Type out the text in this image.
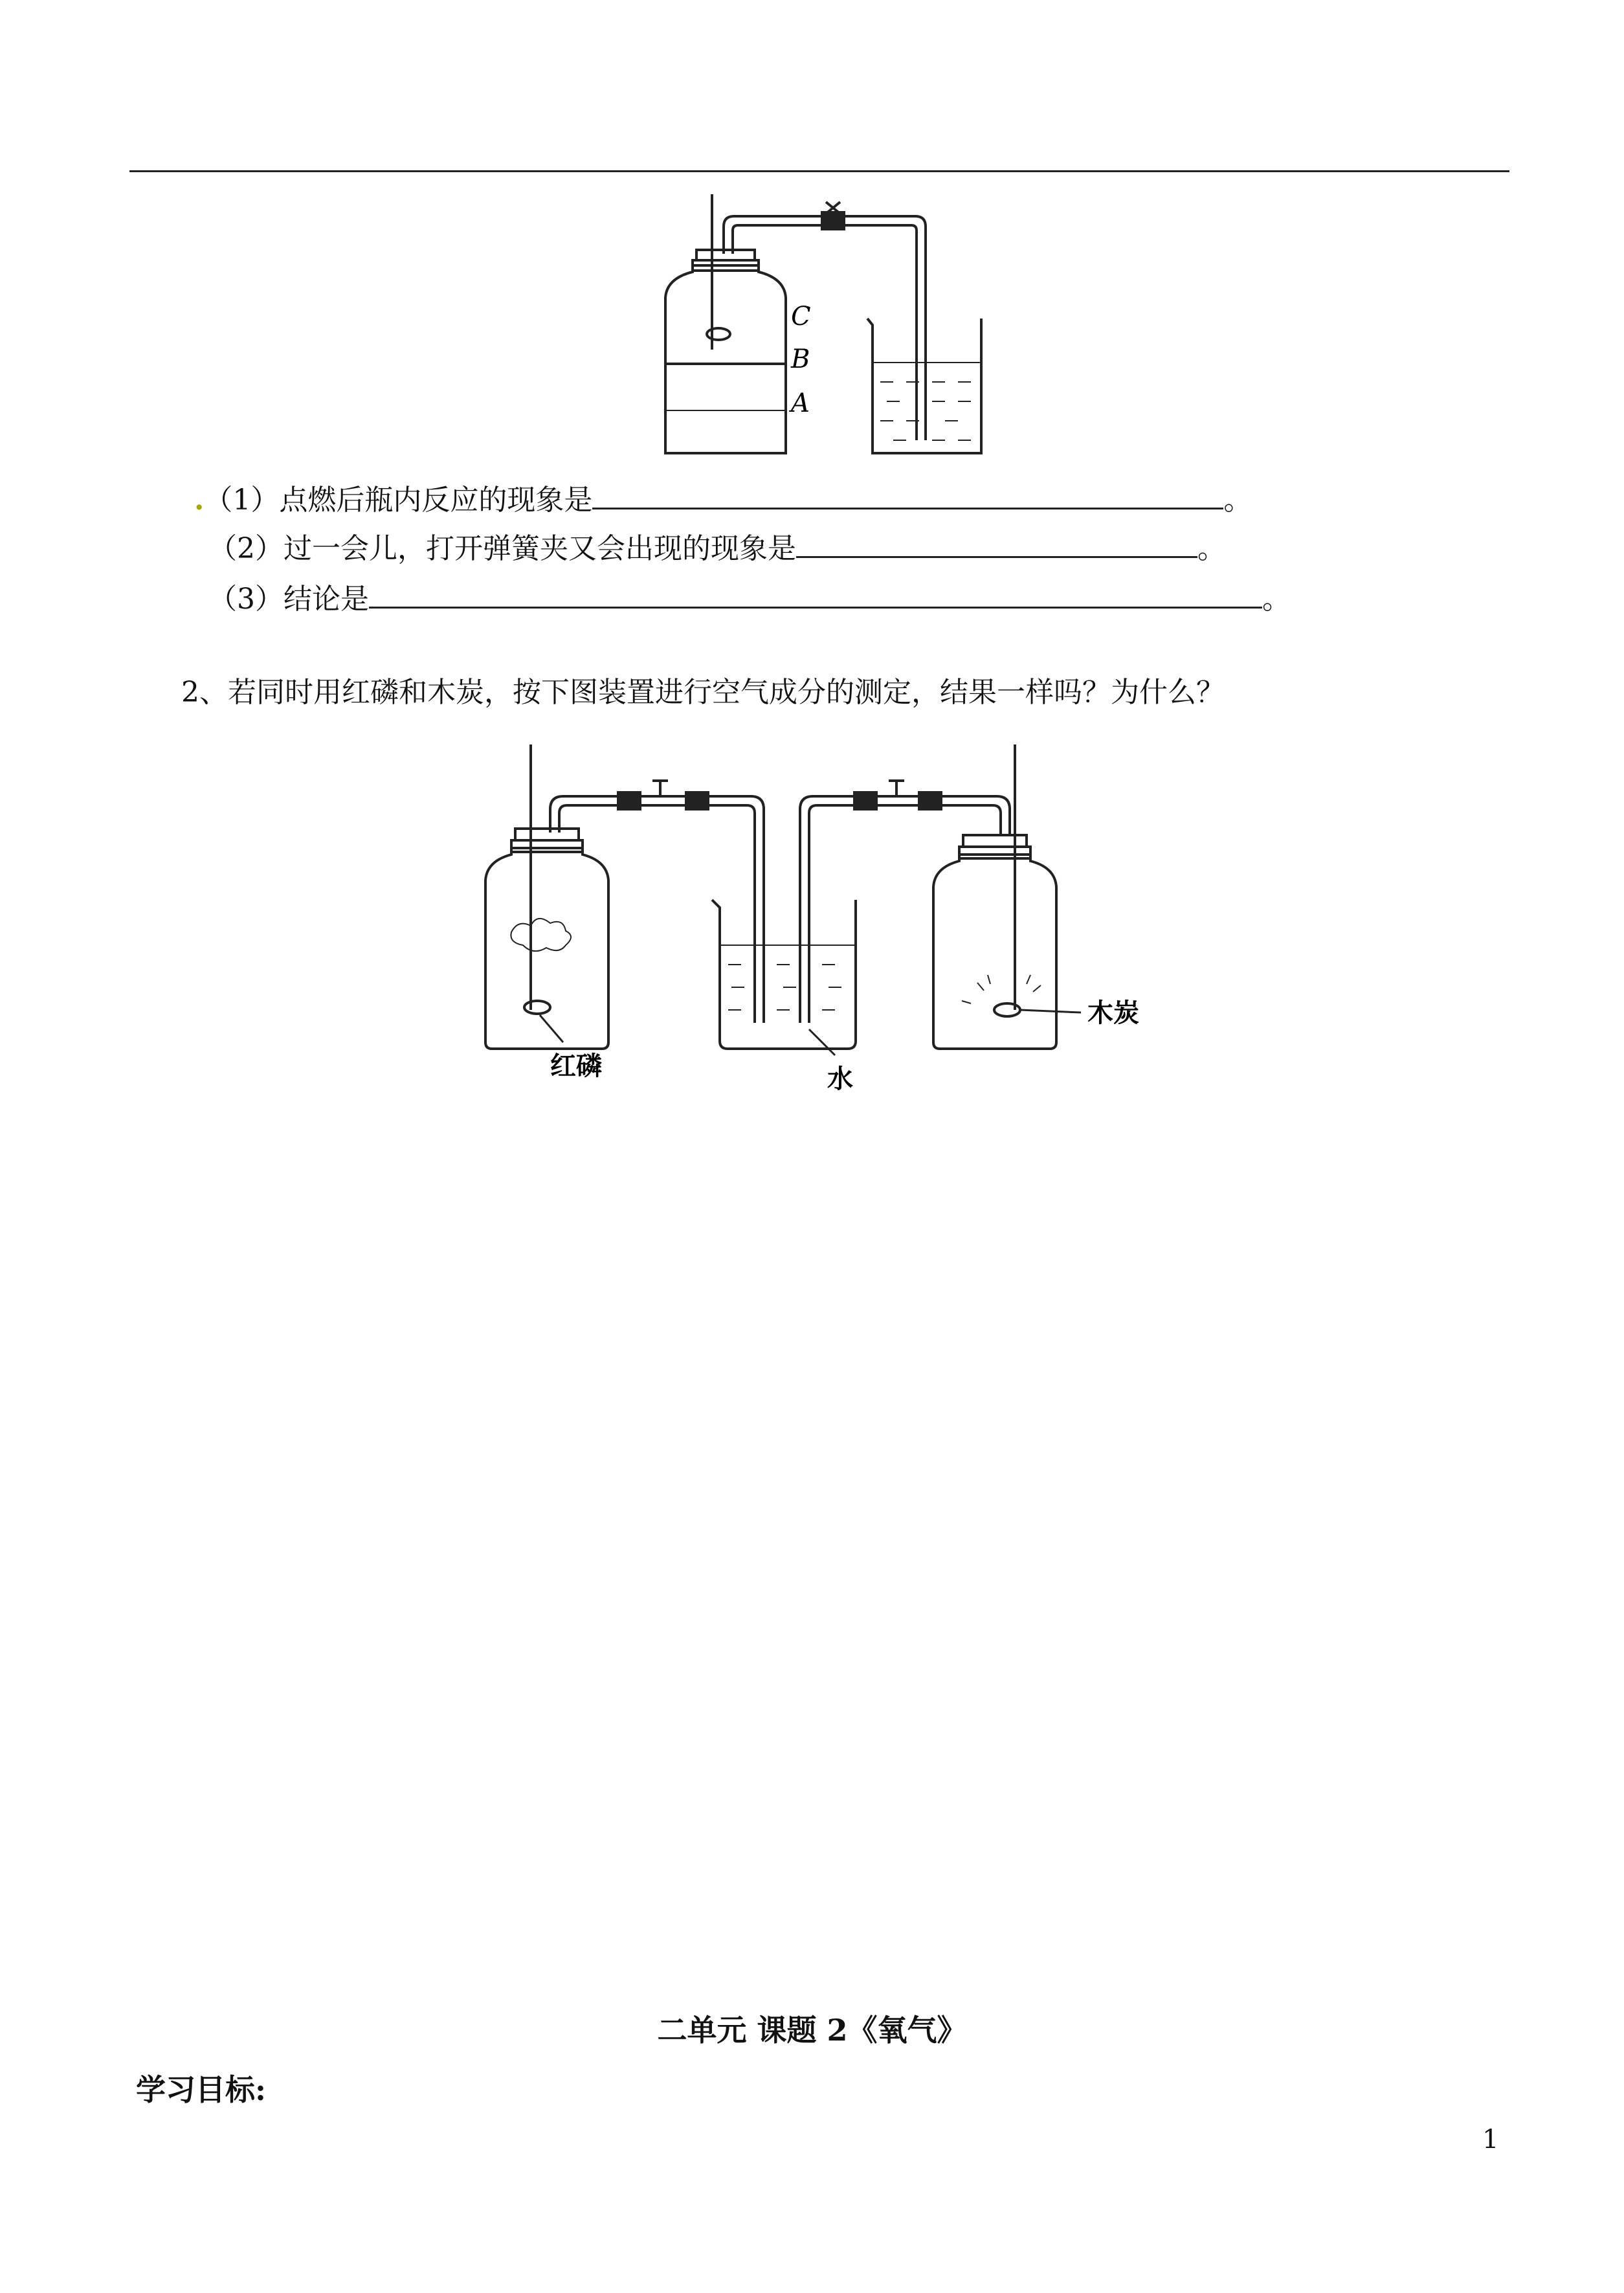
C
B
A
.（1）点燃后瓶内反应的现象是	。
（2）过一会儿，打开弹簧夹又会出现的现象是	。
（3）结论是	。
2、若同时用红磷和木炭，按下图装置进行空气成分的测定，结果一样吗？为什么？
红磷	水
木炭
二单元 课题 2《氧气》
学习目标:
1
